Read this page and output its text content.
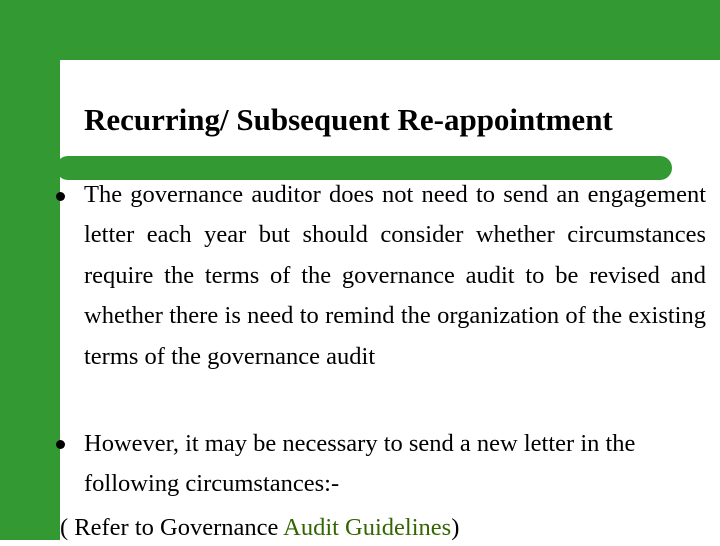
Recurring/ Subsequent Re-appointment

The governance auditor does not need to send an engagement letter each year but should consider whether circumstances require the terms of the governance audit to be revised and whether there is need to remind the organization of the existing terms of the governance audit

However, it may be necessary to send a new letter in the following circumstances:-

( Refer to Governance Audit Guidelines)
